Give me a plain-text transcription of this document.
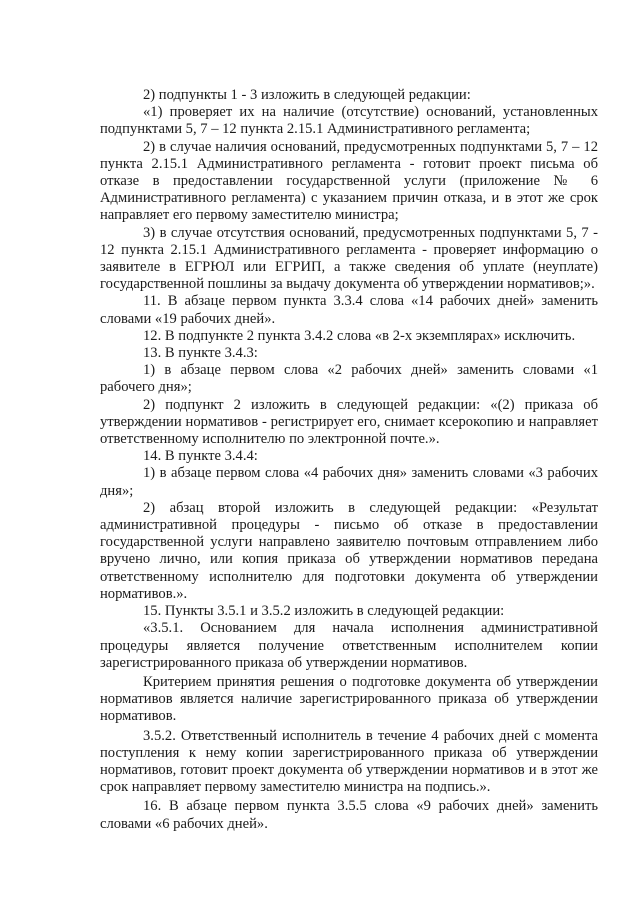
2) подпункты 1 - 3 изложить в следующей редакции:

«1) проверяет их на наличие (отсутствие) оснований, установленных подпунктами 5, 7 – 12 пункта 2.15.1 Административного регламента;

2) в случае наличия оснований, предусмотренных подпунктами 5, 7 – 12 пункта 2.15.1 Административного регламента - готовит проект письма об отказе в предоставлении государственной услуги (приложение № 6 Административного регламента) с указанием причин отказа, и в этот же срок направляет его первому заместителю министра;

3) в случае отсутствия оснований, предусмотренных подпунктами 5, 7 - 12 пункта 2.15.1 Административного регламента - проверяет информацию о заявителе в ЕГРЮЛ или ЕГРИП, а также сведения об уплате (неуплате) государственной пошлины за выдачу документа об утверждении нормативов;».

11. В абзаце первом пункта 3.3.4 слова «14 рабочих дней» заменить словами «19 рабочих дней».

12. В подпункте 2 пункта 3.4.2 слова «в 2-х экземплярах» исключить.

13. В пункте 3.4.3:

1) в абзаце первом слова «2 рабочих дней» заменить словами «1 рабочего дня»;

2) подпункт 2 изложить в следующей редакции: «(2) приказа об утверждении нормативов - регистрирует его, снимает ксерокопию и направляет ответственному исполнителю по электронной почте.».

14. В пункте 3.4.4:

1) в абзаце первом слова «4 рабочих дня» заменить словами «3 рабочих дня»;

2) абзац второй изложить в следующей редакции: «Результат административной процедуры - письмо об отказе в предоставлении государственной услуги направлено заявителю почтовым отправлением либо вручено лично, или копия приказа об утверждении нормативов передана ответственному исполнителю для подготовки документа об утверждении нормативов.».

15. Пункты 3.5.1 и 3.5.2 изложить в следующей редакции:

«3.5.1. Основанием для начала исполнения административной процедуры является получение ответственным исполнителем копии зарегистрированного приказа об утверждении нормативов.

Критерием принятия решения о подготовке документа об утверждении нормативов является наличие зарегистрированного приказа об утверждении нормативов.

3.5.2. Ответственный исполнитель в течение 4 рабочих дней с момента поступления к нему копии зарегистрированного приказа об утверждении нормативов, готовит проект документа об утверждении нормативов и в этот же срок направляет первому заместителю министра на подпись.».

16. В абзаце первом пункта 3.5.5 слова «9 рабочих дней» заменить словами «6 рабочих дней».
